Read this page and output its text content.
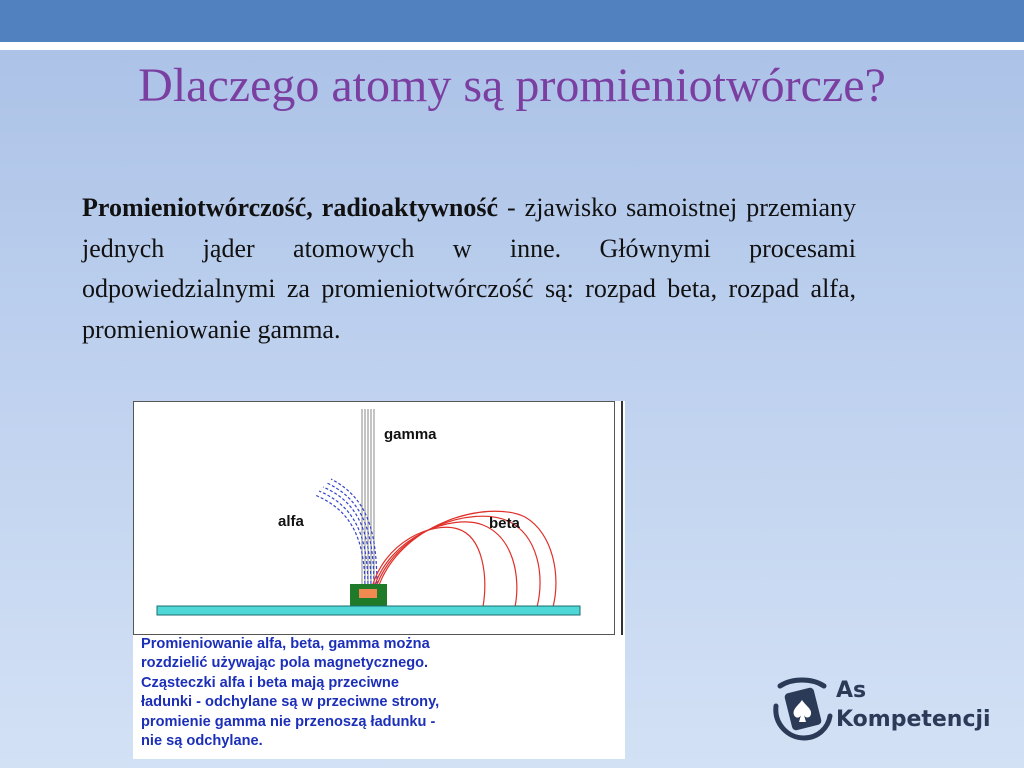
Dlaczego atomy są promieniotwórcze?

Promieniotwórczość, radioaktywność - zjawisko samoistnej przemiany jednych jąder atomowych w inne. Głównymi procesami odpowiedzialnymi za promieniotwórczość są: rozpad beta, rozpad alfa, promieniowanie gamma.

gamma
alfa	beta

Promieniowanie alfa, beta, gamma można
rozdzielić używając pola magnetycznego.
Cząsteczki alfa i beta mają przeciwne
ładunki - odchylane są w przeciwne strony,
promienie gamma nie przenoszą ładunku -
nie są odchylane.

As
Kompetencji
